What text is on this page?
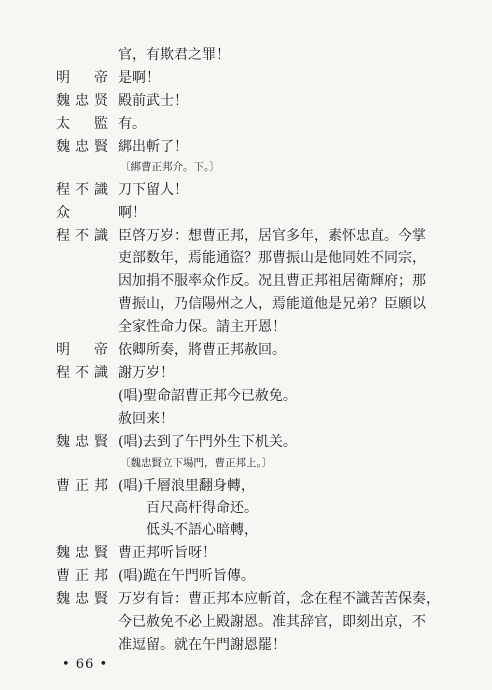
官，有欺君之罪！
明　帝 是啊！
魏忠贤 殿前武士！
太　監 有。
魏忠賢 綁出斬了！
〔綁曹正邦介。下。〕
程不識 刀下留人！
众	啊！
程不識 臣啓万岁：想曹正邦，居官多年，素怀忠直。今掌
吏部数年，焉能通盜？那曹振山是他同姓不同宗，
因加捐不服率众作反。况且曹正邦祖居衛輝府；那
曹振山，乃信陽州之人，焉能道他是兄弟？臣願以
全家性命力保。請主开恩！
明　帝 依卿所奏，將曹正邦赦回。
程不識 謝万岁！
(唱)聖命詔曹正邦今已赦免。
赦回来！
魏忠賢 (唱)去到了午門外生下机关。
〔魏忠賢立下場門，曹正邦上。〕
曹正邦 (唱)千層浪里翻身轉，
百尺高杆得命还。
低头不語心暗轉，
魏忠賢 曹正邦听旨呀！
曹正邦 (唱)跪在午門听旨傳。
魏忠賢 万岁有旨：曹正邦本应斬首，念在程不識苦苦保奏，
今已赦免不必上殿謝恩。准其辞官，即刻出京，不
准逗留。就在午門謝恩罷！
• 66 •
